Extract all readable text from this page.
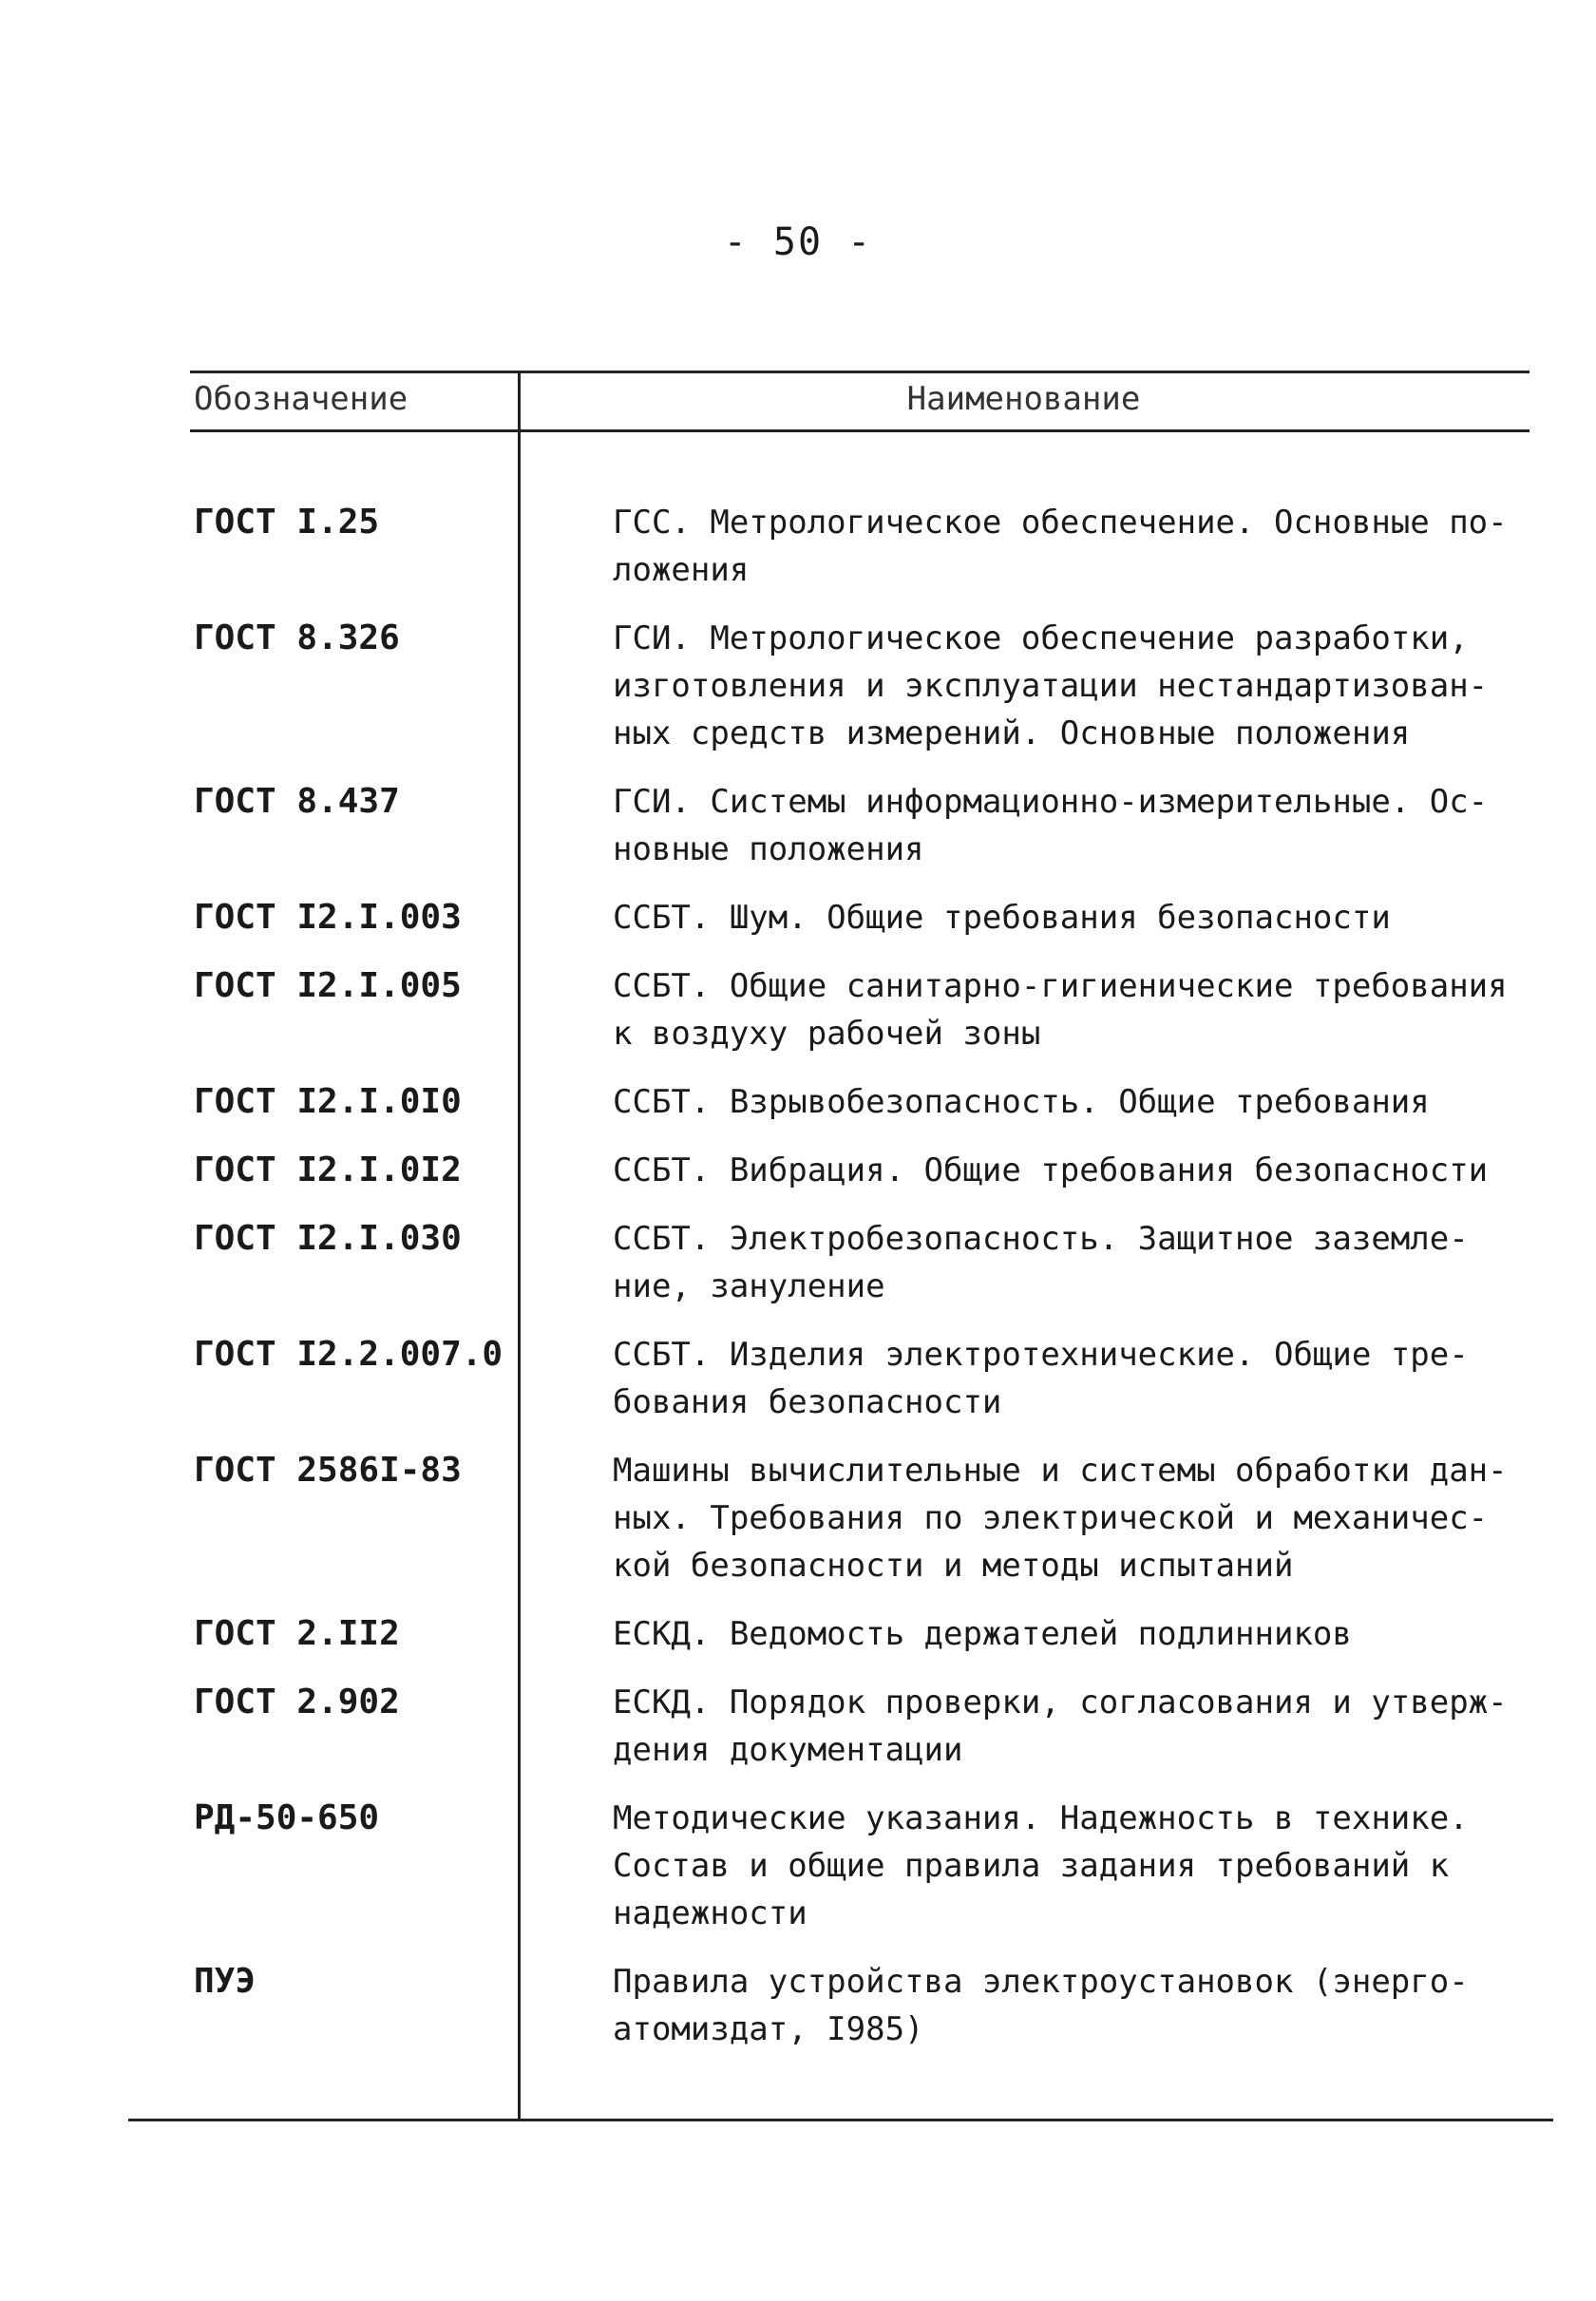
- 50 -
Обозначение	Наименование
ГОСТ I.25	ГСС. Метрологическое обеспечение. Основные по-
ложения
ГОСТ 8.326	ГСИ. Метрологическое обеспечение разработки,
изготовления и эксплуатации нестандартизован-
ных средств измерений. Основные положения
ГОСТ 8.437	ГСИ. Системы информационно-измерительные. Ос-
новные положения
ГОСТ I2.I.003	ССБТ. Шум. Общие требования безопасности
ГОСТ I2.I.005	ССБТ. Общие санитарно-гигиенические требования
к воздуху рабочей зоны
ГОСТ I2.I.0I0	ССБТ. Взрывобезопасность. Общие требования
ГОСТ I2.I.0I2	ССБТ. Вибрация. Общие требования безопасности
ГОСТ I2.I.030	ССБТ. Электробезопасность. Защитное заземле-
ние, зануление
ГОСТ I2.2.007.0	ССБТ. Изделия электротехнические. Общие тре-
бования безопасности
ГОСТ 2586I-83	Машины вычислительные и системы обработки дан-
ных. Требования по электрической и механичес-
кой безопасности и методы испытаний
ГОСТ 2.II2	ЕСКД. Ведомость держателей подлинников
ГОСТ 2.902	ЕСКД. Порядок проверки, согласования и утверж-
дения документации
РД-50-650	Методические указания. Надежность в технике.
Состав и общие правила задания требований к
надежности
ПУЭ	Правила устройства электроустановок (энерго-
атомиздат, I985)
